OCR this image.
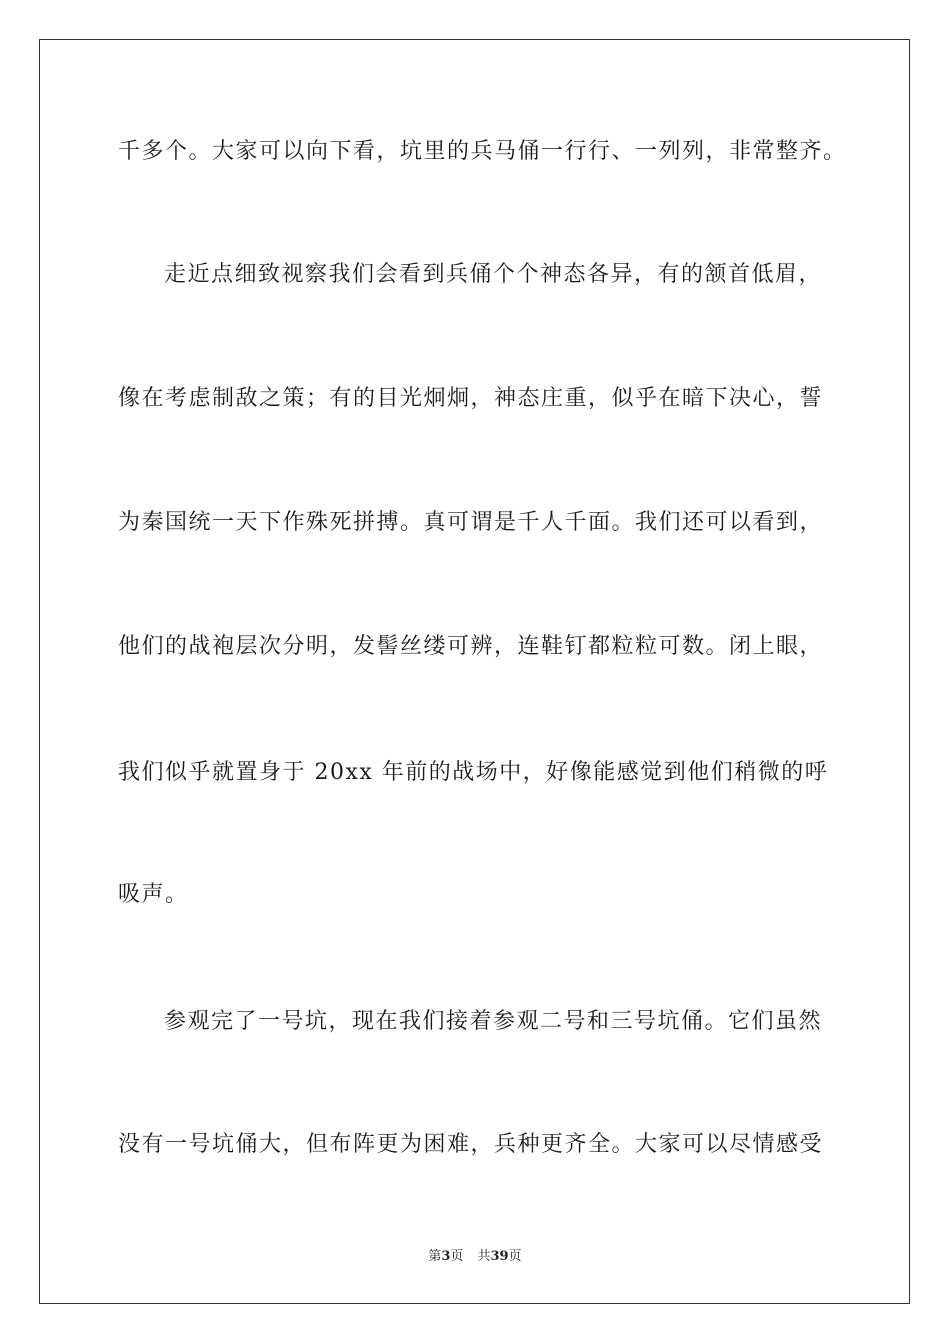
千多个。大家可以向下看，坑里的兵马俑一行行、一列列，非常整齐。
走近点细致视察我们会看到兵俑个个神态各异，有的颔首低眉，
像在考虑制敌之策；有的目光炯炯，神态庄重，似乎在暗下决心，誓
为秦国统一天下作殊死拼搏。真可谓是千人千面。我们还可以看到，
他们的战袍层次分明，发髻丝缕可辨，连鞋钉都粒粒可数。闭上眼，
我们似乎就置身于 20xx 年前的战场中，好像能感觉到他们稍微的呼
吸声。
参观完了一号坑，现在我们接着参观二号和三号坑俑。它们虽然
没有一号坑俑大，但布阵更为困难，兵种更齐全。大家可以尽情感受
第3页 共39页
